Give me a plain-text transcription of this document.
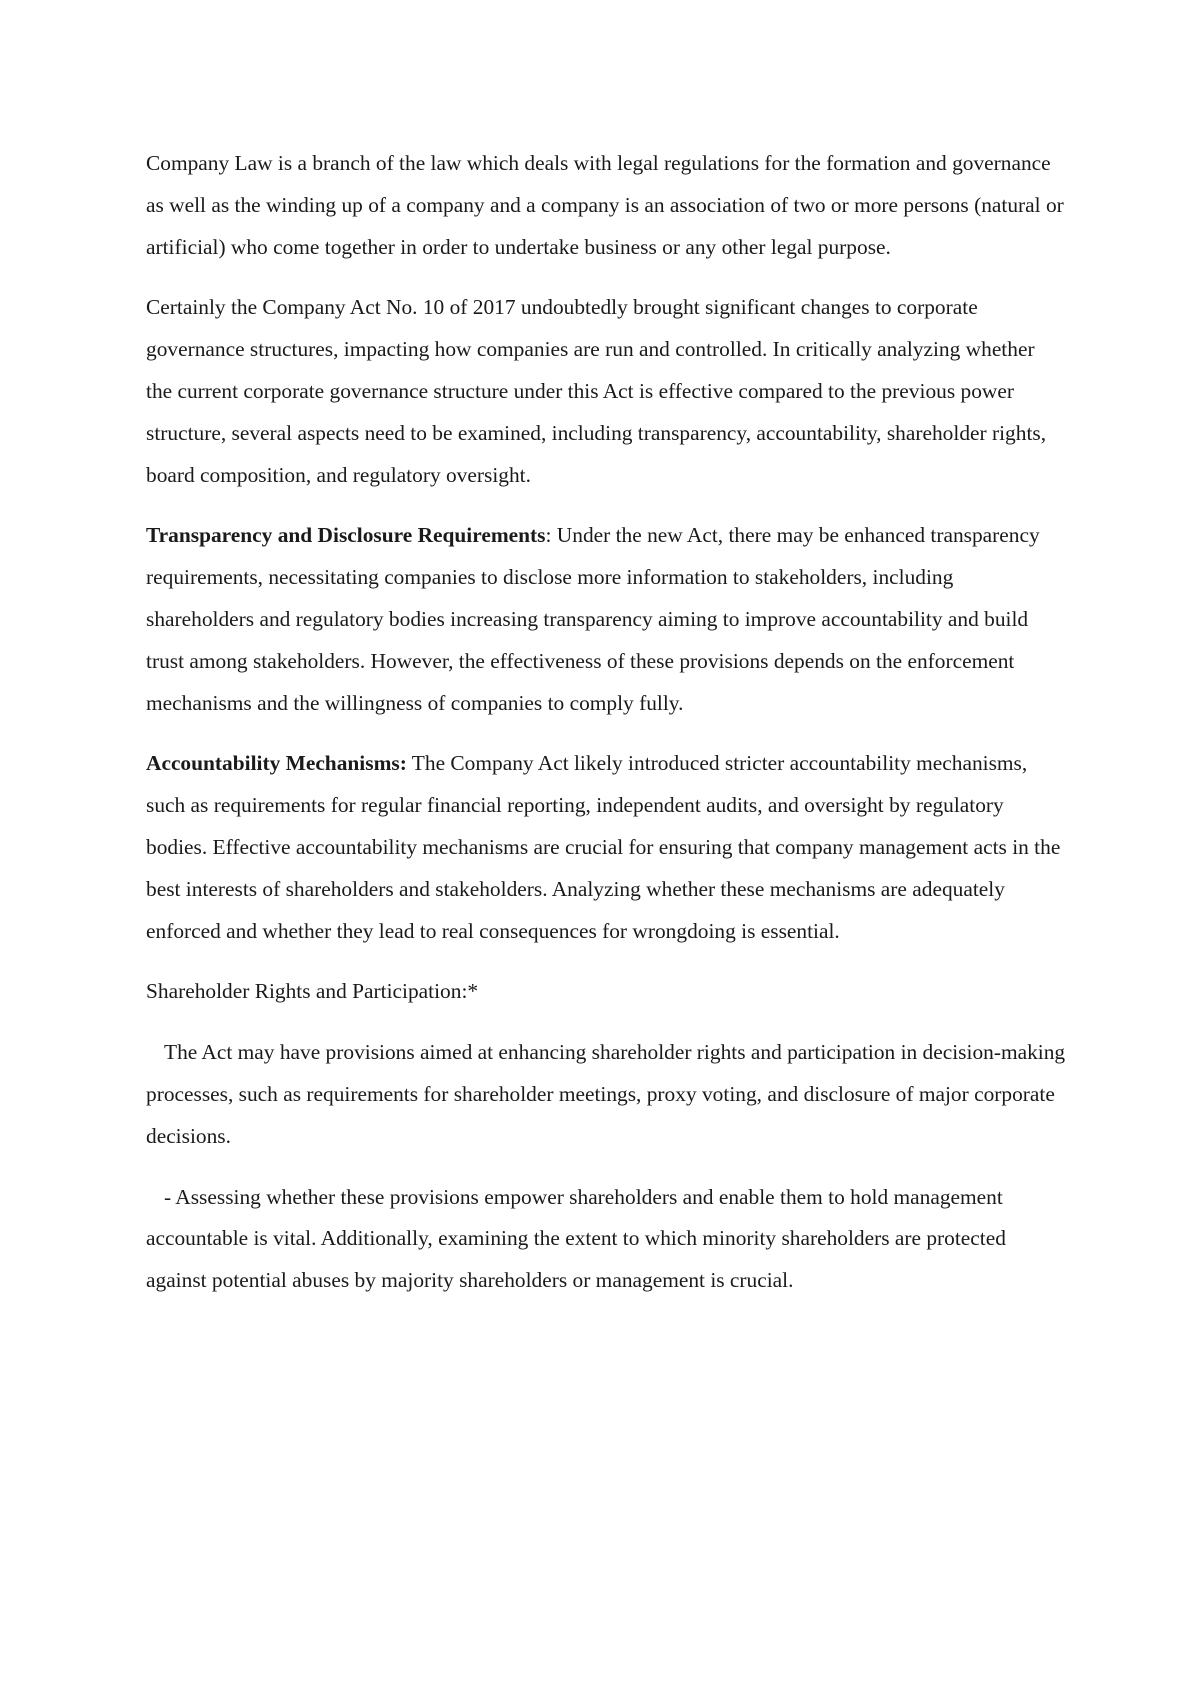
Company Law is a branch of the law which deals with legal regulations for the formation and governance as well as the winding up of a company and a company is an association of two or more persons (natural or artificial) who come together in order to undertake business or any other legal purpose.

Certainly the Company Act No. 10 of 2017 undoubtedly brought significant changes to corporate governance structures, impacting how companies are run and controlled. In critically analyzing whether the current corporate governance structure under this Act is effective compared to the previous power structure, several aspects need to be examined, including transparency, accountability, shareholder rights, board composition, and regulatory oversight.

Transparency and Disclosure Requirements: Under the new Act, there may be enhanced transparency requirements, necessitating companies to disclose more information to stakeholders, including shareholders and regulatory bodies increasing transparency aiming to improve accountability and build trust among stakeholders. However, the effectiveness of these provisions depends on the enforcement mechanisms and the willingness of companies to comply fully.

Accountability Mechanisms: The Company Act likely introduced stricter accountability mechanisms, such as requirements for regular financial reporting, independent audits, and oversight by regulatory bodies. Effective accountability mechanisms are crucial for ensuring that company management acts in the best interests of shareholders and stakeholders. Analyzing whether these mechanisms are adequately enforced and whether they lead to real consequences for wrongdoing is essential.

Shareholder Rights and Participation:*

The Act may have provisions aimed at enhancing shareholder rights and participation in decision-making processes, such as requirements for shareholder meetings, proxy voting, and disclosure of major corporate decisions.

- Assessing whether these provisions empower shareholders and enable them to hold management accountable is vital. Additionally, examining the extent to which minority shareholders are protected against potential abuses by majority shareholders or management is crucial.
